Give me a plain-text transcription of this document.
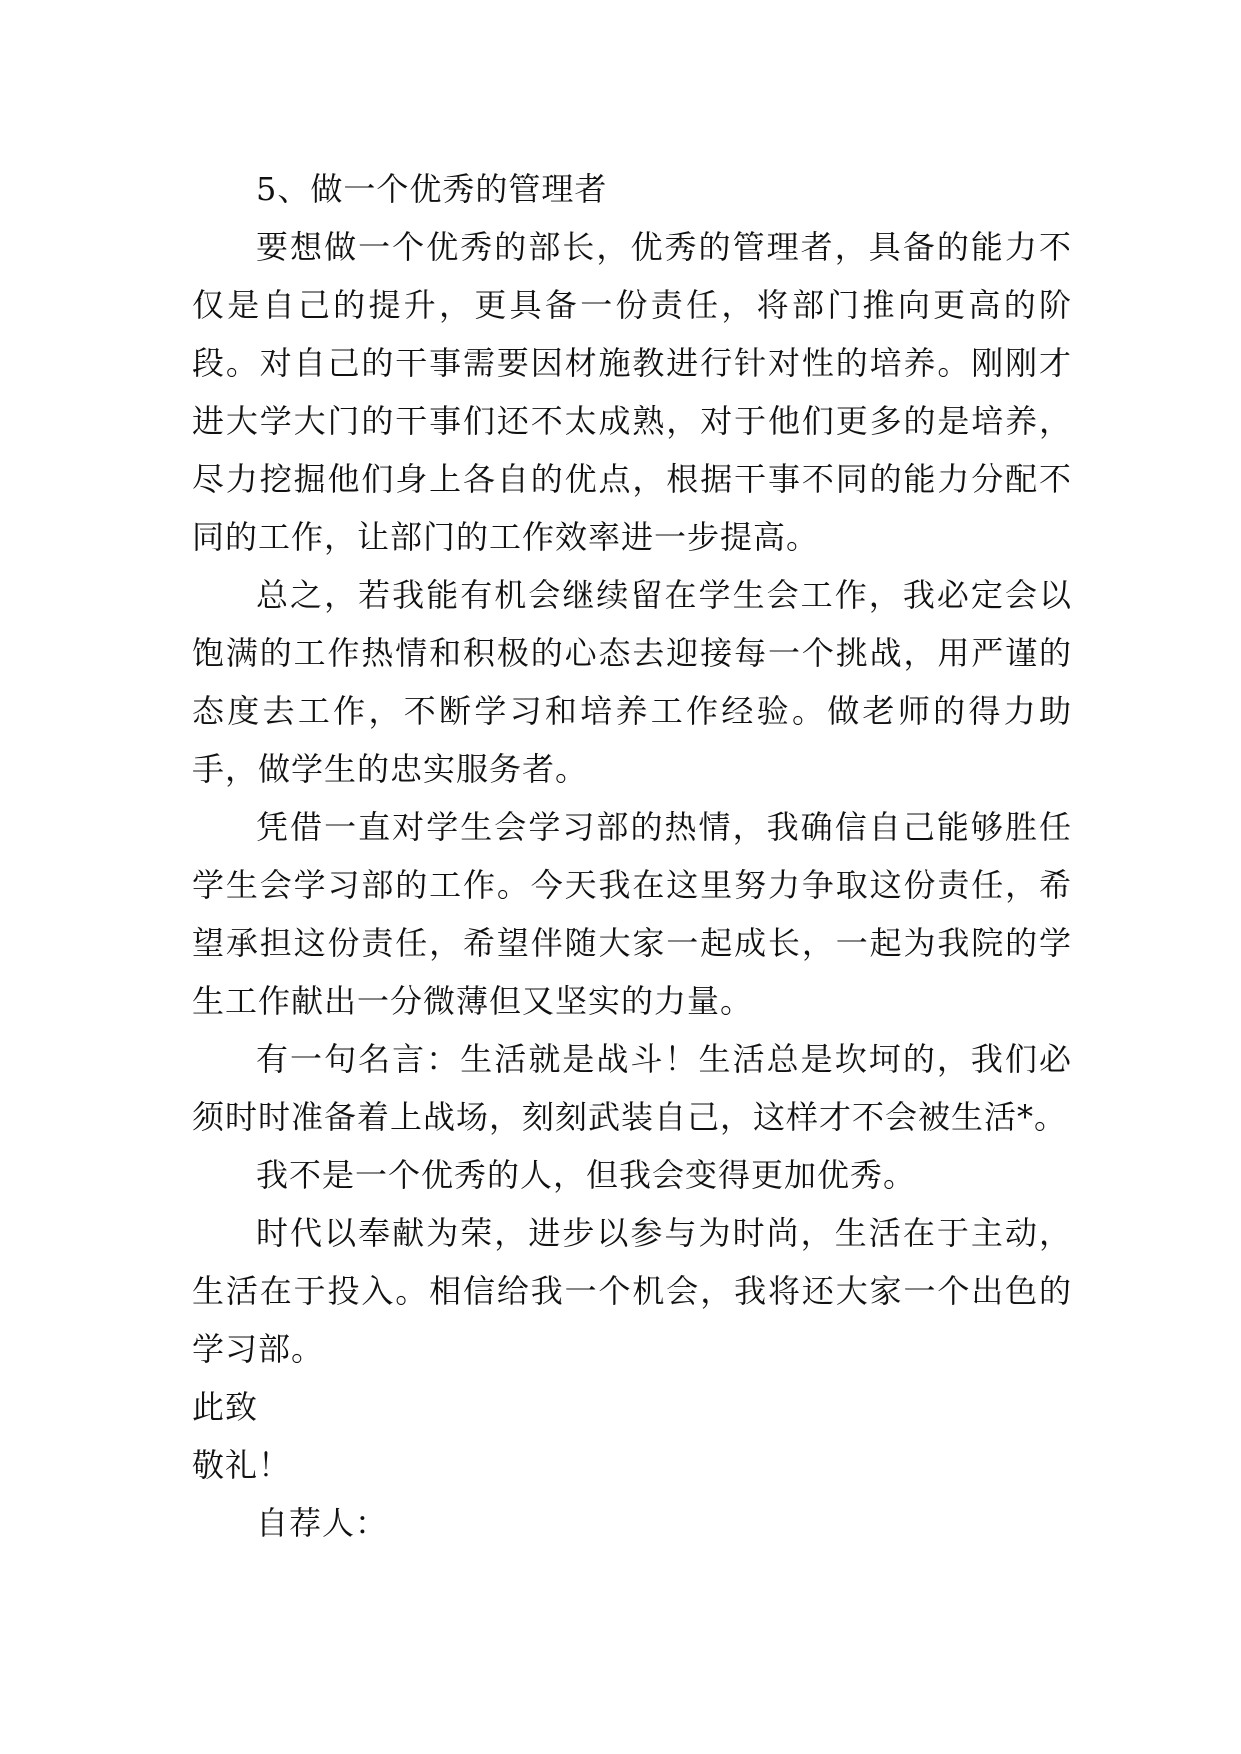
5、做一个优秀的管理者

要想做一个优秀的部长，优秀的管理者，具备的能力不仅是自己的提升，更具备一份责任，将部门推向更高的阶段。对自己的干事需要因材施教进行针对性的培养。刚刚才进大学大门的干事们还不太成熟，对于他们更多的是培养，尽力挖掘他们身上各自的优点，根据干事不同的能力分配不同的工作，让部门的工作效率进一步提高。

总之，若我能有机会继续留在学生会工作，我必定会以饱满的工作热情和积极的心态去迎接每一个挑战，用严谨的态度去工作，不断学习和培养工作经验。做老师的得力助手，做学生的忠实服务者。

凭借一直对学生会学习部的热情，我确信自己能够胜任学生会学习部的工作。今天我在这里努力争取这份责任，希望承担这份责任，希望伴随大家一起成长，一起为我院的学生工作献出一分微薄但又坚实的力量。

有一句名言：生活就是战斗！生活总是坎坷的，我们必须时时准备着上战场，刻刻武装自己，这样才不会被生活*。

我不是一个优秀的人，但我会变得更加优秀。

时代以奉献为荣，进步以参与为时尚，生活在于主动，生活在于投入。相信给我一个机会，我将还大家一个出色的学习部。

此致

敬礼！

自荐人：
